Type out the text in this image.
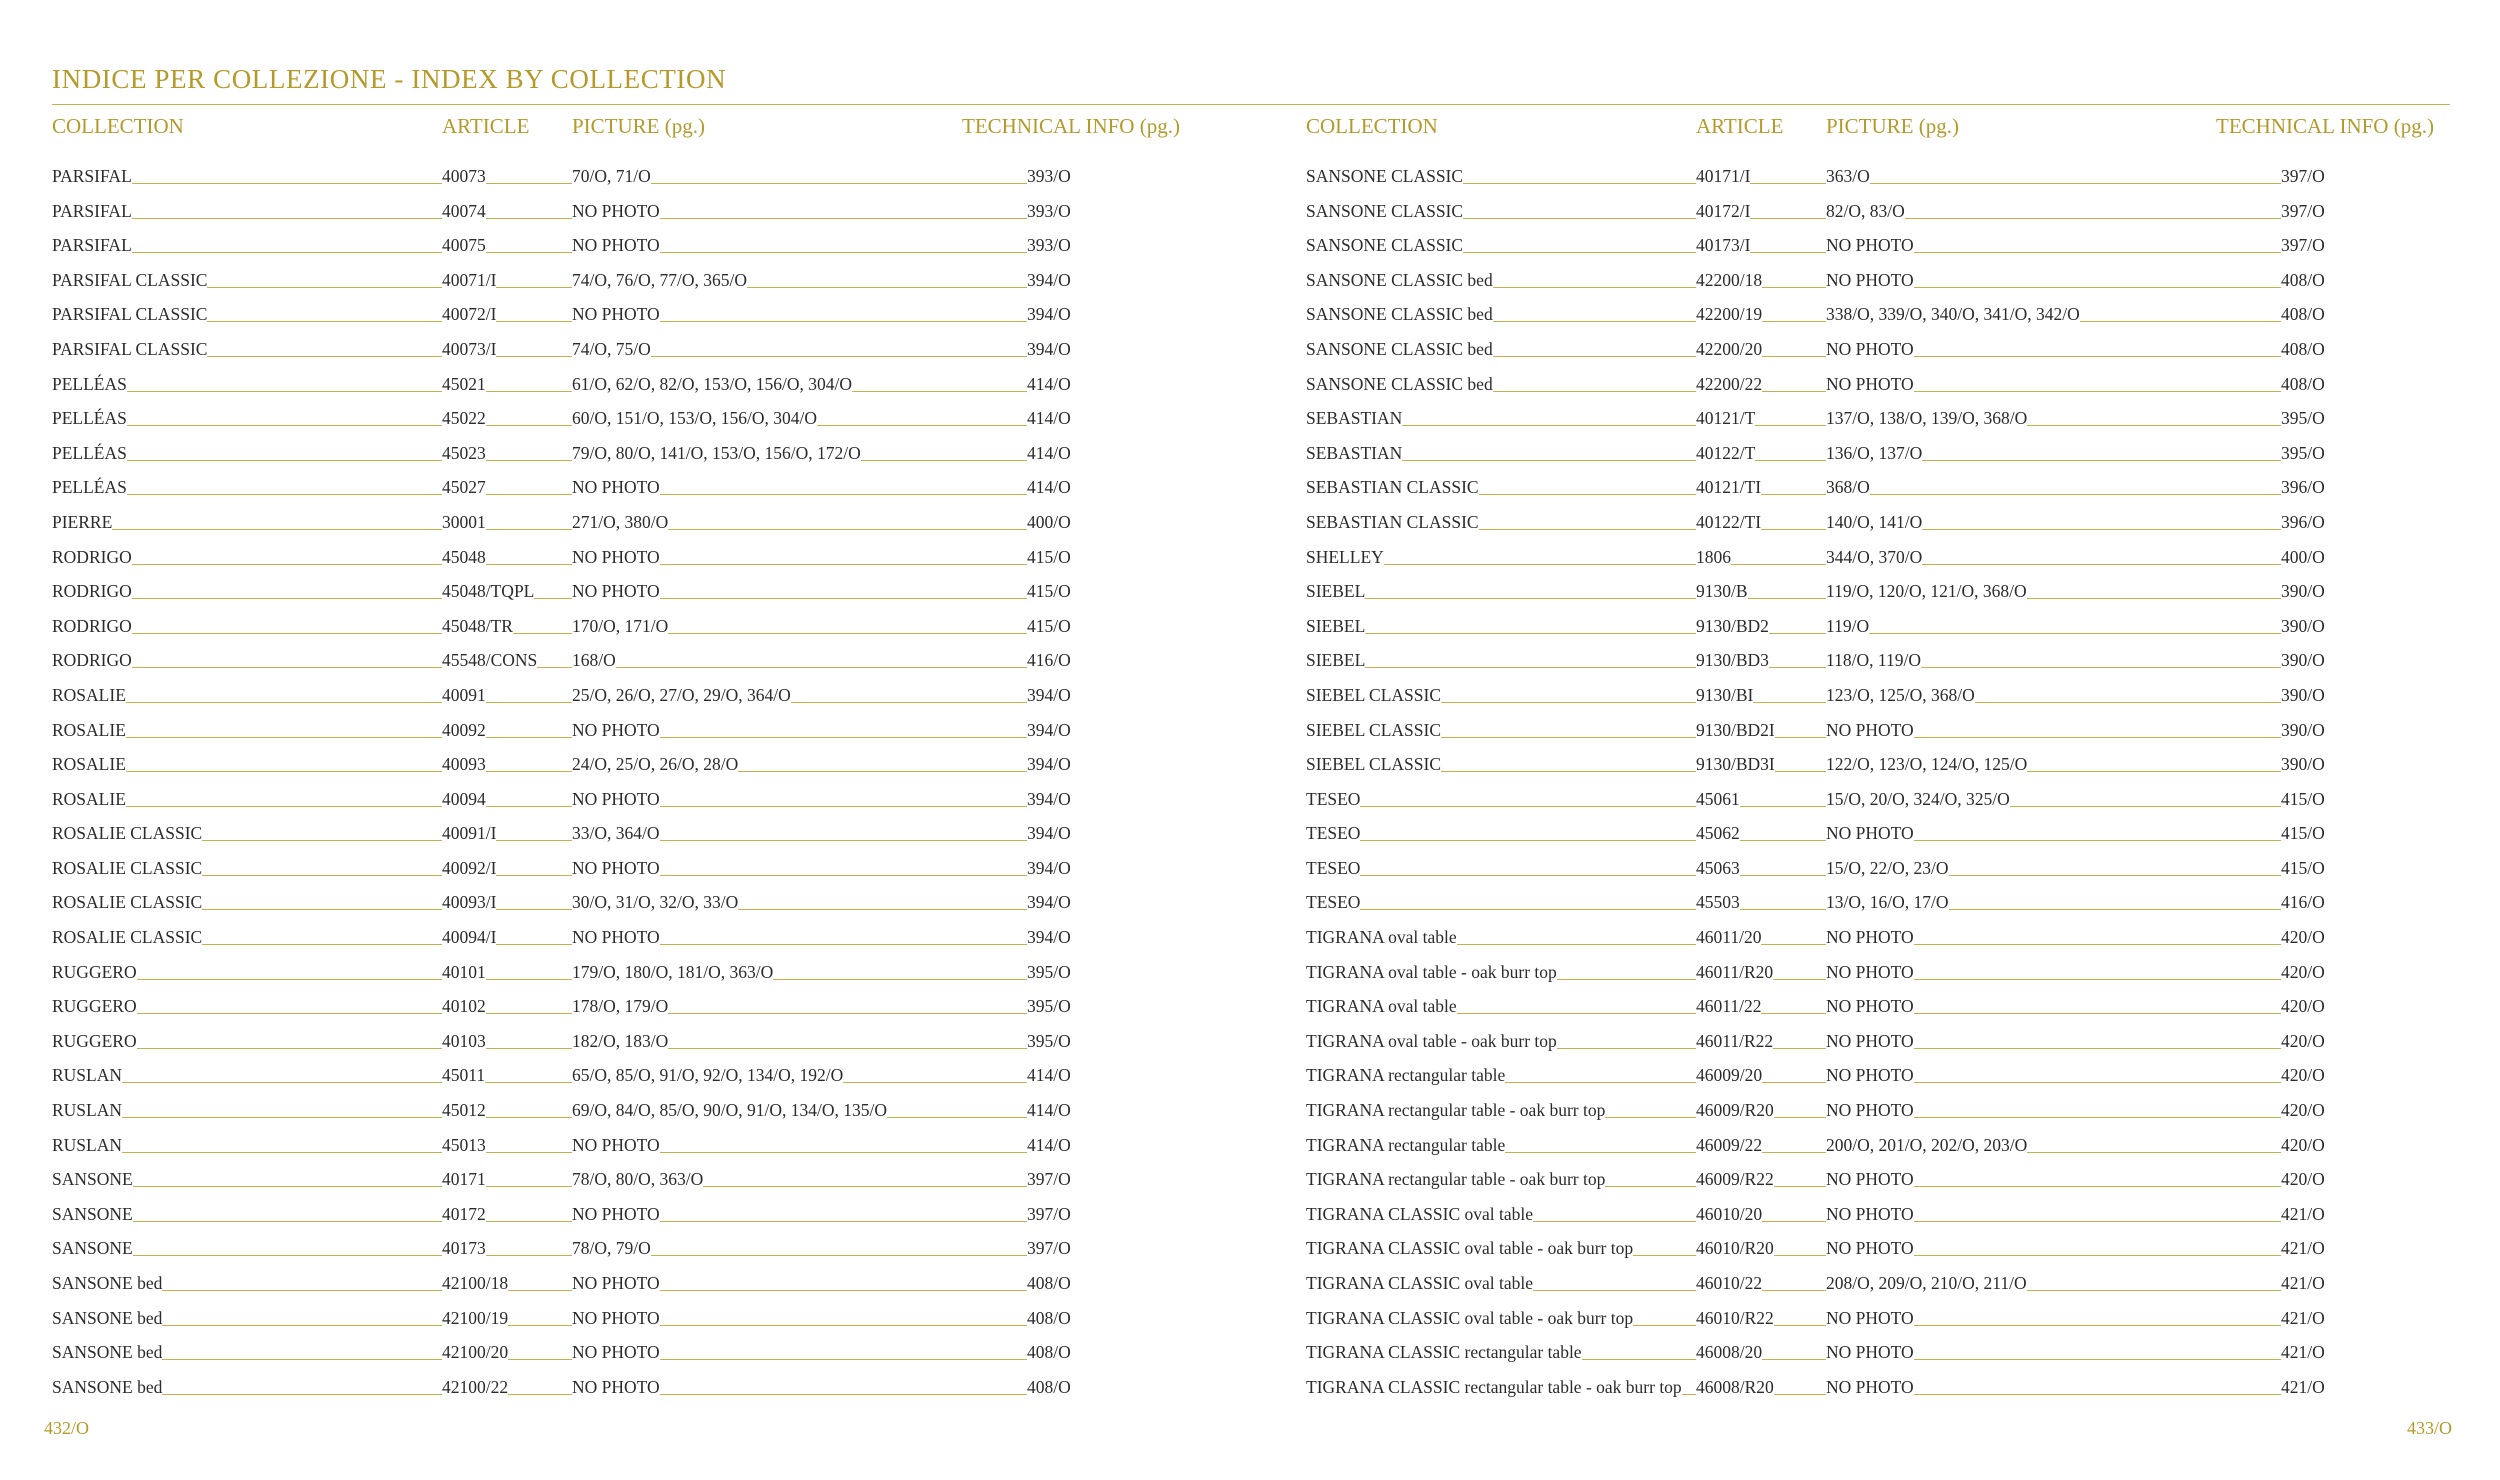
INDICE PER COLLEZIONE - INDEX BY COLLECTION
COLLECTION	ARTICLE PICTURE (pg.)	TECHNICAL INFO (pg.)
PARSIFAL	40073	70/O, 71/O	393/O
PARSIFAL	40074	NO PHOTO	393/O
PARSIFAL	40075	NO PHOTO	393/O
PARSIFAL CLASSIC	40071/I	74/O, 76/O, 77/O, 365/O	394/O
PARSIFAL CLASSIC	40072/I	NO PHOTO	394/O
PARSIFAL CLASSIC	40073/I	74/O, 75/O	394/O
PELLÉAS	45021	61/O, 62/O, 82/O, 153/O, 156/O, 304/O	414/O
PELLÉAS	45022	60/O, 151/O, 153/O, 156/O, 304/O	414/O
PELLÉAS	45023	79/O, 80/O, 141/O, 153/O, 156/O, 172/O	414/O
PELLÉAS	45027	NO PHOTO	414/O
PIERRE	30001	271/O, 380/O	400/O
RODRIGO	45048	NO PHOTO	415/O
RODRIGO	45048/TQPL NO PHOTO	415/O
RODRIGO	45048/TR	170/O, 171/O	415/O
RODRIGO	45548/CONS 168/O	416/O
ROSALIE	40091	25/O, 26/O, 27/O, 29/O, 364/O	394/O
ROSALIE	40092	NO PHOTO	394/O
ROSALIE	40093	24/O, 25/O, 26/O, 28/O	394/O
ROSALIE	40094	NO PHOTO	394/O
ROSALIE CLASSIC	40091/I	33/O, 364/O	394/O
ROSALIE CLASSIC	40092/I	NO PHOTO	394/O
ROSALIE CLASSIC	40093/I	30/O, 31/O, 32/O, 33/O	394/O
ROSALIE CLASSIC	40094/I	NO PHOTO	394/O
RUGGERO	40101	179/O, 180/O, 181/O, 363/O	395/O
RUGGERO	40102	178/O, 179/O	395/O
RUGGERO	40103	182/O, 183/O	395/O
RUSLAN	45011	65/O, 85/O, 91/O, 92/O, 134/O, 192/O	414/O
RUSLAN	45012	69/O, 84/O, 85/O, 90/O, 91/O, 134/O, 135/O	414/O
RUSLAN	45013	NO PHOTO	414/O
SANSONE	40171	78/O, 80/O, 363/O	397/O
SANSONE	40172	NO PHOTO	397/O
SANSONE	40173	78/O, 79/O	397/O
SANSONE bed	42100/18	NO PHOTO	408/O
SANSONE bed	42100/19	NO PHOTO	408/O
SANSONE bed	42100/20	NO PHOTO	408/O
SANSONE bed	42100/22	NO PHOTO	408/O
COLLECTION	ARTICLE PICTURE (pg.)	TECHNICAL INFO (pg.)
SANSONE CLASSIC	40171/I	363/O	397/O
SANSONE CLASSIC	40172/I	82/O, 83/O	397/O
SANSONE CLASSIC	40173/I	NO PHOTO	397/O
SANSONE CLASSIC bed	42200/18	NO PHOTO	408/O
SANSONE CLASSIC bed	42200/19	338/O, 339/O, 340/O, 341/O, 342/O	408/O
SANSONE CLASSIC bed	42200/20	NO PHOTO	408/O
SANSONE CLASSIC bed	42200/22	NO PHOTO	408/O
SEBASTIAN	40121/T	137/O, 138/O, 139/O, 368/O	395/O
SEBASTIAN	40122/T	136/O, 137/O	395/O
SEBASTIAN CLASSIC	40121/TI	368/O	396/O
SEBASTIAN CLASSIC	40122/TI	140/O, 141/O	396/O
SHELLEY	1806	344/O, 370/O	400/O
SIEBEL	9130/B	119/O, 120/O, 121/O, 368/O	390/O
SIEBEL	9130/BD2	119/O	390/O
SIEBEL	9130/BD3	118/O, 119/O	390/O
SIEBEL CLASSIC	9130/BI	123/O, 125/O, 368/O	390/O
SIEBEL CLASSIC	9130/BD2I	NO PHOTO	390/O
SIEBEL CLASSIC	9130/BD3I	122/O, 123/O, 124/O, 125/O	390/O
TESEO	45061	15/O, 20/O, 324/O, 325/O	415/O
TESEO	45062	NO PHOTO	415/O
TESEO	45063	15/O, 22/O, 23/O	415/O
TESEO	45503	13/O, 16/O, 17/O	416/O
TIGRANA oval table	46011/20	NO PHOTO	420/O
TIGRANA oval table - oak burr top	46011/R20	NO PHOTO	420/O
TIGRANA oval table	46011/22	NO PHOTO	420/O
TIGRANA oval table - oak burr top	46011/R22	NO PHOTO	420/O
TIGRANA rectangular table	46009/20	NO PHOTO	420/O
TIGRANA rectangular table - oak burr top	46009/R20	NO PHOTO	420/O
TIGRANA rectangular table	46009/22	200/O, 201/O, 202/O, 203/O	420/O
TIGRANA rectangular table - oak burr top	46009/R22	NO PHOTO	420/O
TIGRANA CLASSIC oval table	46010/20	NO PHOTO	421/O
TIGRANA CLASSIC oval table - oak burr top	46010/R20	NO PHOTO	421/O
TIGRANA CLASSIC oval table	46010/22	208/O, 209/O, 210/O, 211/O	421/O
TIGRANA CLASSIC oval table - oak burr top	46010/R22	NO PHOTO	421/O
TIGRANA CLASSIC rectangular table	46008/20	NO PHOTO	421/O
TIGRANA CLASSIC rectangular table - oak burr top 46008/R20	NO PHOTO	421/O
432/O	433/O
